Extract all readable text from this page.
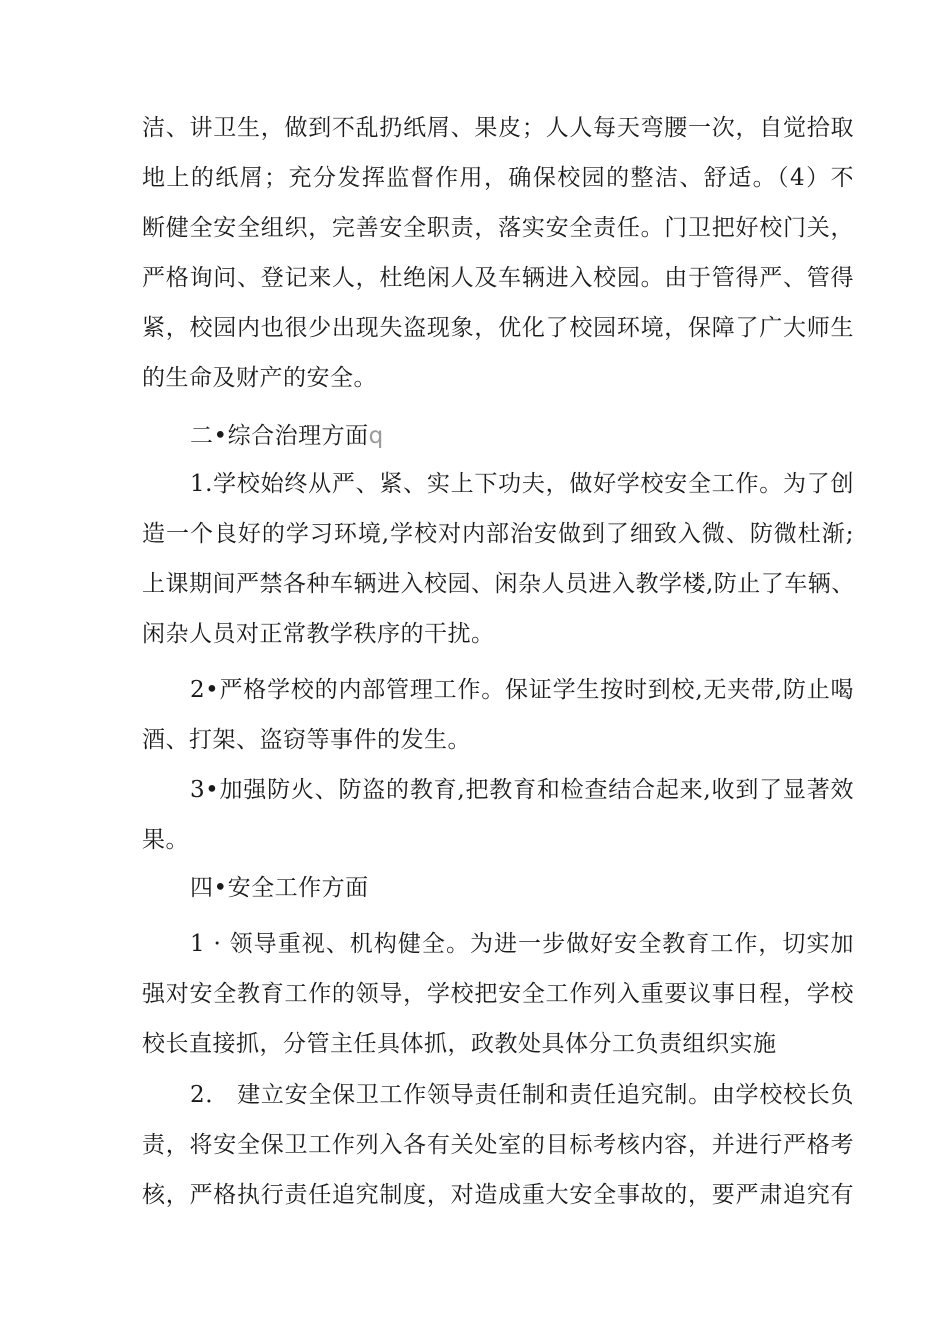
洁、讲卫生，做到不乱扔纸屑、果皮；人人每天弯腰一次，自觉拾取
地上的纸屑；充分发挥监督作用，确保校园的整洁、舒适。（4）不
断健全安全组织，完善安全职责，落实安全责任。门卫把好校门关，
严格询问、登记来人，杜绝闲人及车辆进入校园。由于管得严、管得
紧，校园内也很少出现失盗现象，优化了校园环境，保障了广大师生
的生命及财产的安全。
二•综合治理方面q
1.学校始终从严、紧、实上下功夫，做好学校安全工作。为了创
造一个良好的学习环境,学校对内部治安做到了细致入微、防微杜渐;
上课期间严禁各种车辆进入校园、闲杂人员进入教学楼,防止了车辆、
闲杂人员对正常教学秩序的干扰。
2•严格学校的内部管理工作。保证学生按时到校,无夹带,防止喝
酒、打架、盗窃等事件的发生。
3•加强防火、防盗的教育,把教育和检查结合起来,收到了显著效
果。
四•安全工作方面
1 · 领导重视、机构健全。为进一步做好安全教育工作，切实加
强对安全教育工作的领导，学校把安全工作列入重要议事日程，学校
校长直接抓，分管主任具体抓，政教处具体分工负责组织实施
2． 建立安全保卫工作领导责任制和责任追究制。由学校校长负
责，将安全保卫工作列入各有关处室的目标考核内容，并进行严格考
核，严格执行责任追究制度，对造成重大安全事故的，要严肃追究有
